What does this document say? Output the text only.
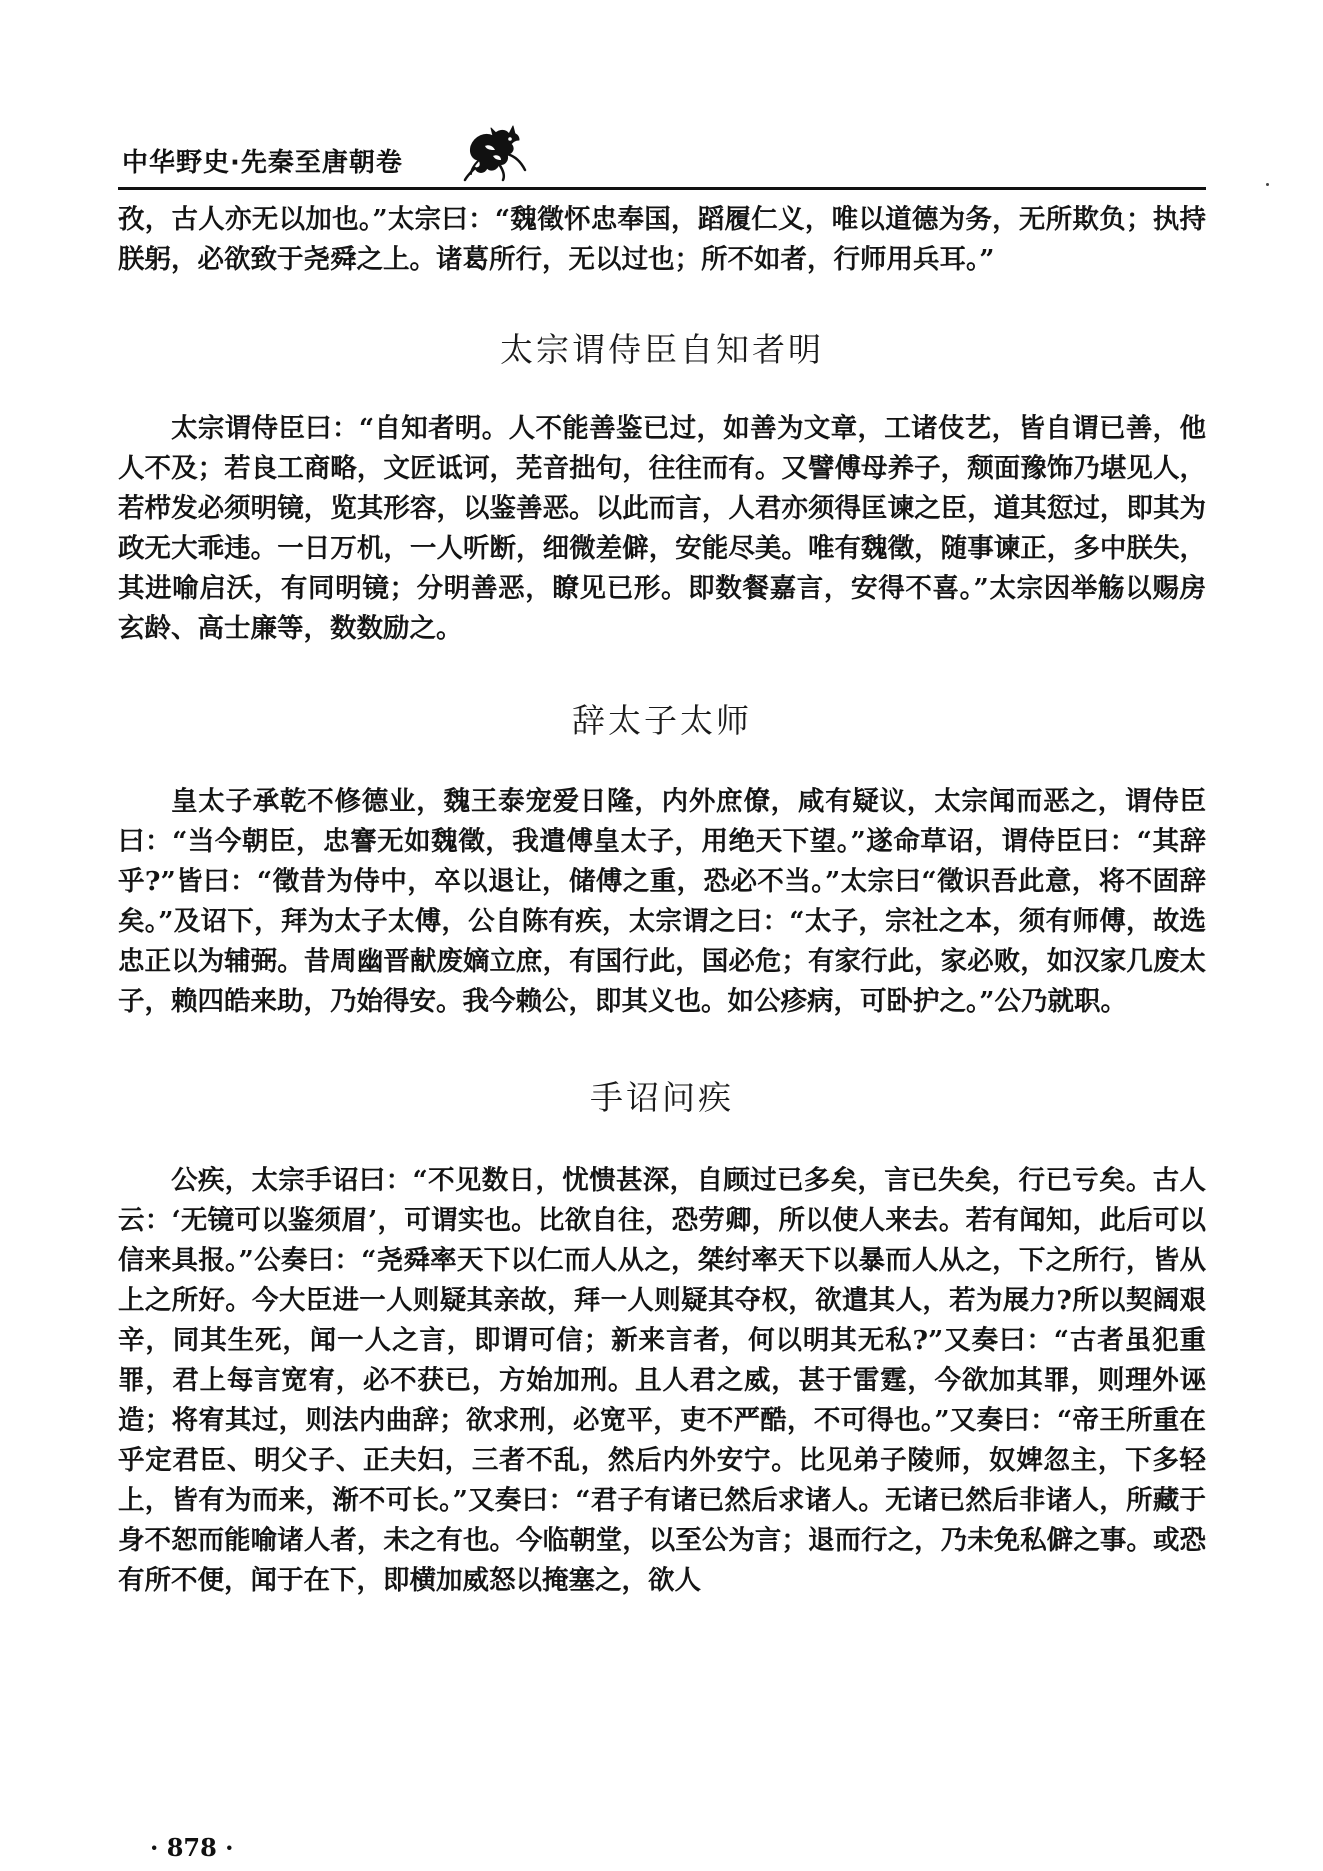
中华野史·先秦至唐朝卷

孜，古人亦无以加也。”太宗曰：“魏徵怀忠奉国，蹈履仁义，唯以道德为务，无所欺负；执持朕躬，必欲致于尧舜之上。诸葛所行，无以过也；所不如者，行师用兵耳。”

太宗谓侍臣自知者明

太宗谓侍臣曰：“自知者明。人不能善鉴已过，如善为文章，工诸伎艺，皆自谓已善，他人不及；若良工商略，文匠诋诃，芜音拙句，往往而有。又譬傅母养子，颓面豫饰乃堪见人，若栉发必须明镜，览其形容，以鉴善恶。以此而言，人君亦须得匡谏之臣，道其愆过，即其为政无大乖违。一日万机，一人听断，细微差僻，安能尽美。唯有魏徵，随事谏正，多中朕失，其进喻启沃，有同明镜；分明善恶，瞭见已形。即数餐嘉言，安得不喜。”太宗因举觞以赐房玄龄、高士廉等，数数励之。

辞太子太师

皇太子承乾不修德业，魏王泰宠爱日隆，内外庶僚，咸有疑议，太宗闻而恶之，谓侍臣曰：“当今朝臣，忠謇无如魏徵，我遣傅皇太子，用绝天下望。”遂命草诏，谓侍臣曰：“其辞乎?”皆曰：“徵昔为侍中，卒以退让，储傅之重，恐必不当。”太宗曰“徵识吾此意，将不固辞矣。”及诏下，拜为太子太傅，公自陈有疾，太宗谓之曰：“太子，宗社之本，须有师傅，故选忠正以为辅弼。昔周幽晋献废嫡立庶，有国行此，国必危；有家行此，家必败，如汉家几废太子，赖四皓来助，乃始得安。我今赖公，即其义也。如公疹病，可卧护之。”公乃就职。

手诏问疾

公疾，太宗手诏曰：“不见数日，忧愦甚深，自顾过已多矣，言已失矣，行已亏矣。古人云：‘无镜可以鉴须眉’，可谓实也。比欲自往，恐劳卿，所以使人来去。若有闻知，此后可以信来具报。”公奏曰：“尧舜率天下以仁而人从之，桀纣率天下以暴而人从之，下之所行，皆从上之所好。今大臣进一人则疑其亲故，拜一人则疑其夺权，欲遣其人，若为展力?所以契阔艰辛，同其生死，闻一人之言，即谓可信；新来言者，何以明其无私?”又奏曰：“古者虽犯重罪，君上每言宽宥，必不获已，方始加刑。且人君之威，甚于雷霆，今欲加其罪，则理外诬造；将宥其过，则法内曲辞；欲求刑，必宽平，吏不严酷，不可得也。”又奏曰：“帝王所重在乎定君臣、明父子、正夫妇，三者不乱，然后内外安宁。比见弟子陵师，奴婢忽主，下多轻上，皆有为而来，渐不可长。”又奏曰：“君子有诸已然后求诸人。无诸已然后非诸人，所藏于身不恕而能喻诸人者，未之有也。今临朝堂，以至公为言；退而行之，乃未免私僻之事。或恐有所不便，闻于在下，即横加威怒以掩塞之，欲人

· 878 ·
